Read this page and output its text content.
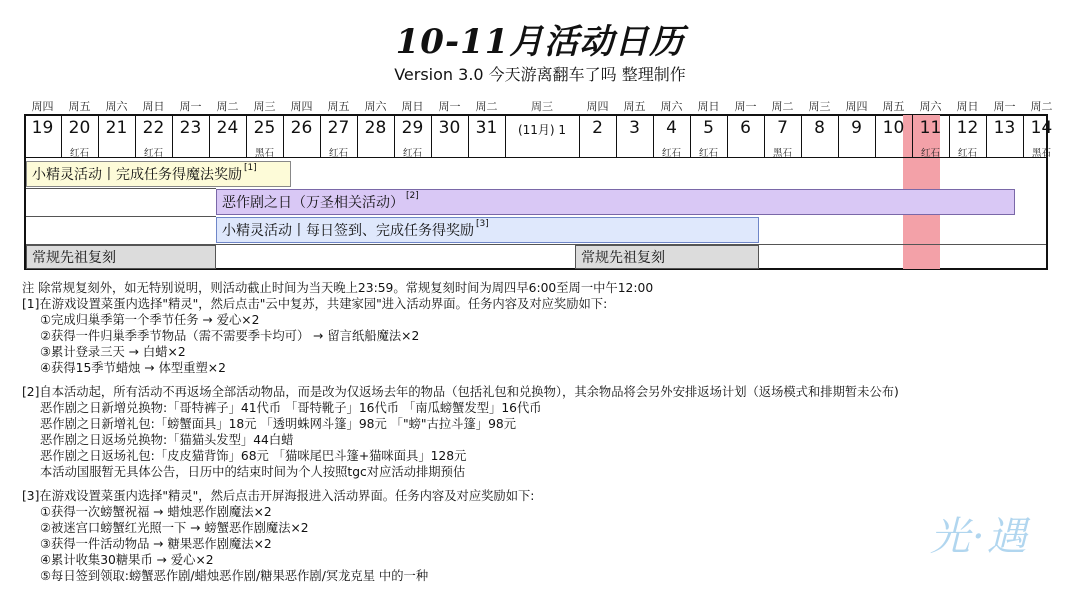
10-11月活动日历
Version 3.0 今天游离翻车了吗 整理制作
周四
19
周五
20
红石
周六
21
周日
22
红石
周一
23
周二
24
周三
25
黑石
周四
26
周五
27
红石
周六
28
周日
29
红石
周一
30
周二
31
周三
(11月) 1
周四
2
周五
3
周六
4
红石
周日
5
红石
周一
6
周二
7
黑石
周三
8
周四
9
周五
10
周六
11
红石
周日
12
红石
周一
13
周二
14
黑石
小精灵活动丨完成任务得魔法奖励[1]
恶作剧之日（万圣相关活动）[2]
小精灵活动丨每日签到、完成任务得奖励[3]
常规先祖复刻	常规先祖复刻
注 除常规复刻外，如无特别说明，则活动截止时间为当天晚上23:59。常规复刻时间为周四早6:00至周一中午12:00
[1]在游戏设置菜蛋内选择"精灵"，然后点击"云中复苏，共建家园"进入活动界面。任务内容及对应奖励如下:
①完成归巢季第一个季节任务 → 爱心×2
②获得一件归巢季季节物品（需不需要季卡均可） → 留言纸船魔法×2
③累计登录三天 → 白蜡×2
④获得15季节蜡烛 → 体型重塑×2
[2]自本活动起，所有活动不再返场全部活动物品，而是改为仅返场去年的物品（包括礼包和兑换物），其余物品将会另外安排返场计划（返场模式和排期暂未公布)
恶作剧之日新增兑换物:「哥特裤子」41代币 「哥特靴子」16代币 「南瓜螃蟹发型」16代币
恶作剧之日新增礼包:「螃蟹面具」18元 「透明蛛网斗篷」98元 「"螃"古拉斗篷」98元
恶作剧之日返场兑换物:「猫猫头发型」44白蜡
恶作剧之日返场礼包:「皮皮猫背饰」68元 「猫咪尾巴斗篷+猫咪面具」128元
本活动国服暂无具体公告，日历中的结束时间为个人按照tgc对应活动排期预估
[3]在游戏设置菜蛋内选择"精灵"，然后点击开屏海报进入活动界面。任务内容及对应奖励如下:
①获得一次螃蟹祝福 → 蜡烛恶作剧魔法×2
②被迷宫口螃蟹红光照一下 → 螃蟹恶作剧魔法×2
③获得一件活动物品 → 糖果恶作剧魔法×2
④累计收集30糖果币 → 爱心×2
⑤每日签到领取:螃蟹恶作剧/蜡烛恶作剧/糖果恶作剧/冥龙克星 中的一种
光·遇
